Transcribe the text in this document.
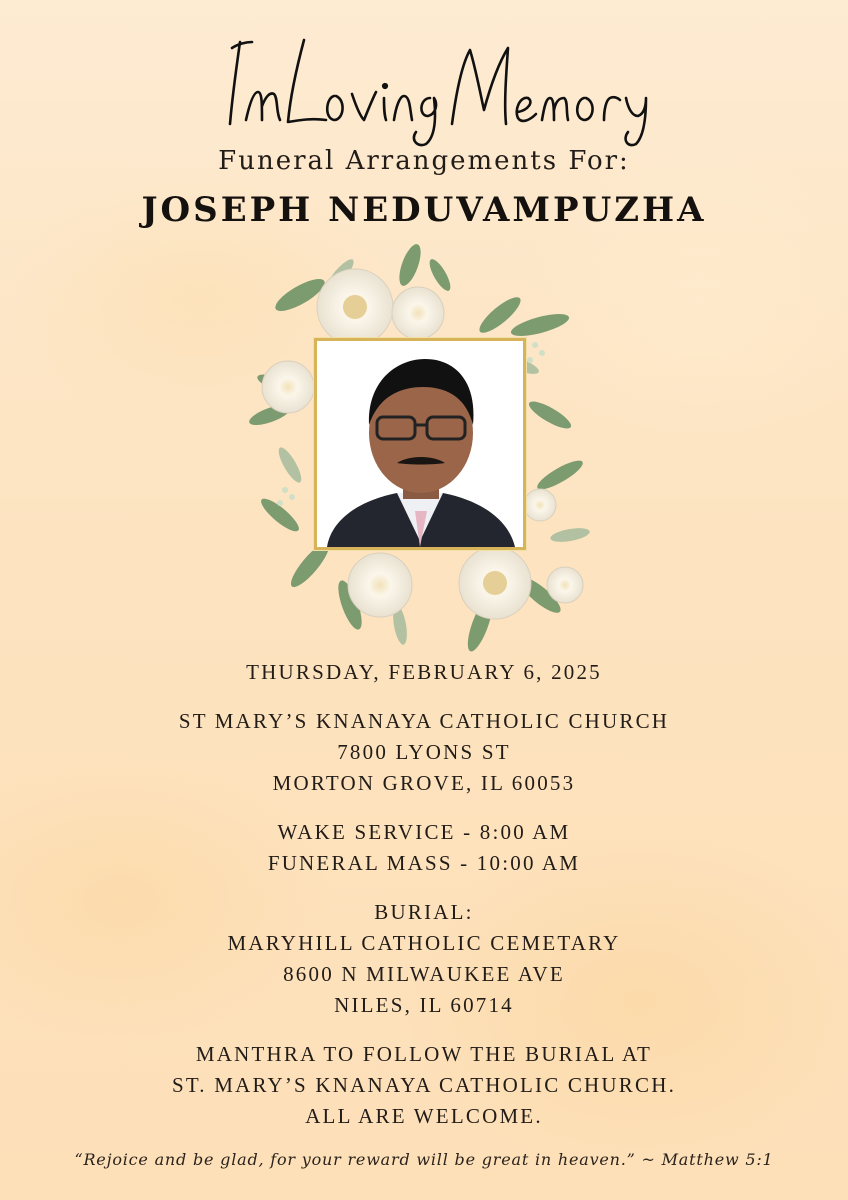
In Loving Memory
Funeral Arrangements For:
JOSEPH NEDUVAMPUZHA
THURSDAY, FEBRUARY 6, 2025
ST MARY’S KNANAYA CATHOLIC CHURCH
7800 LYONS ST
MORTON GROVE, IL 60053
WAKE SERVICE - 8:00 AM
FUNERAL MASS - 10:00 AM
BURIAL:
MARYHILL CATHOLIC CEMETARY
8600 N MILWAUKEE AVE
NILES, IL 60714
MANTHRA TO FOLLOW THE BURIAL AT
ST. MARY’S KNANAYA CATHOLIC CHURCH.
ALL ARE WELCOME.
“Rejoice and be glad, for your reward will be great in heaven.” ~ Matthew 5:1
